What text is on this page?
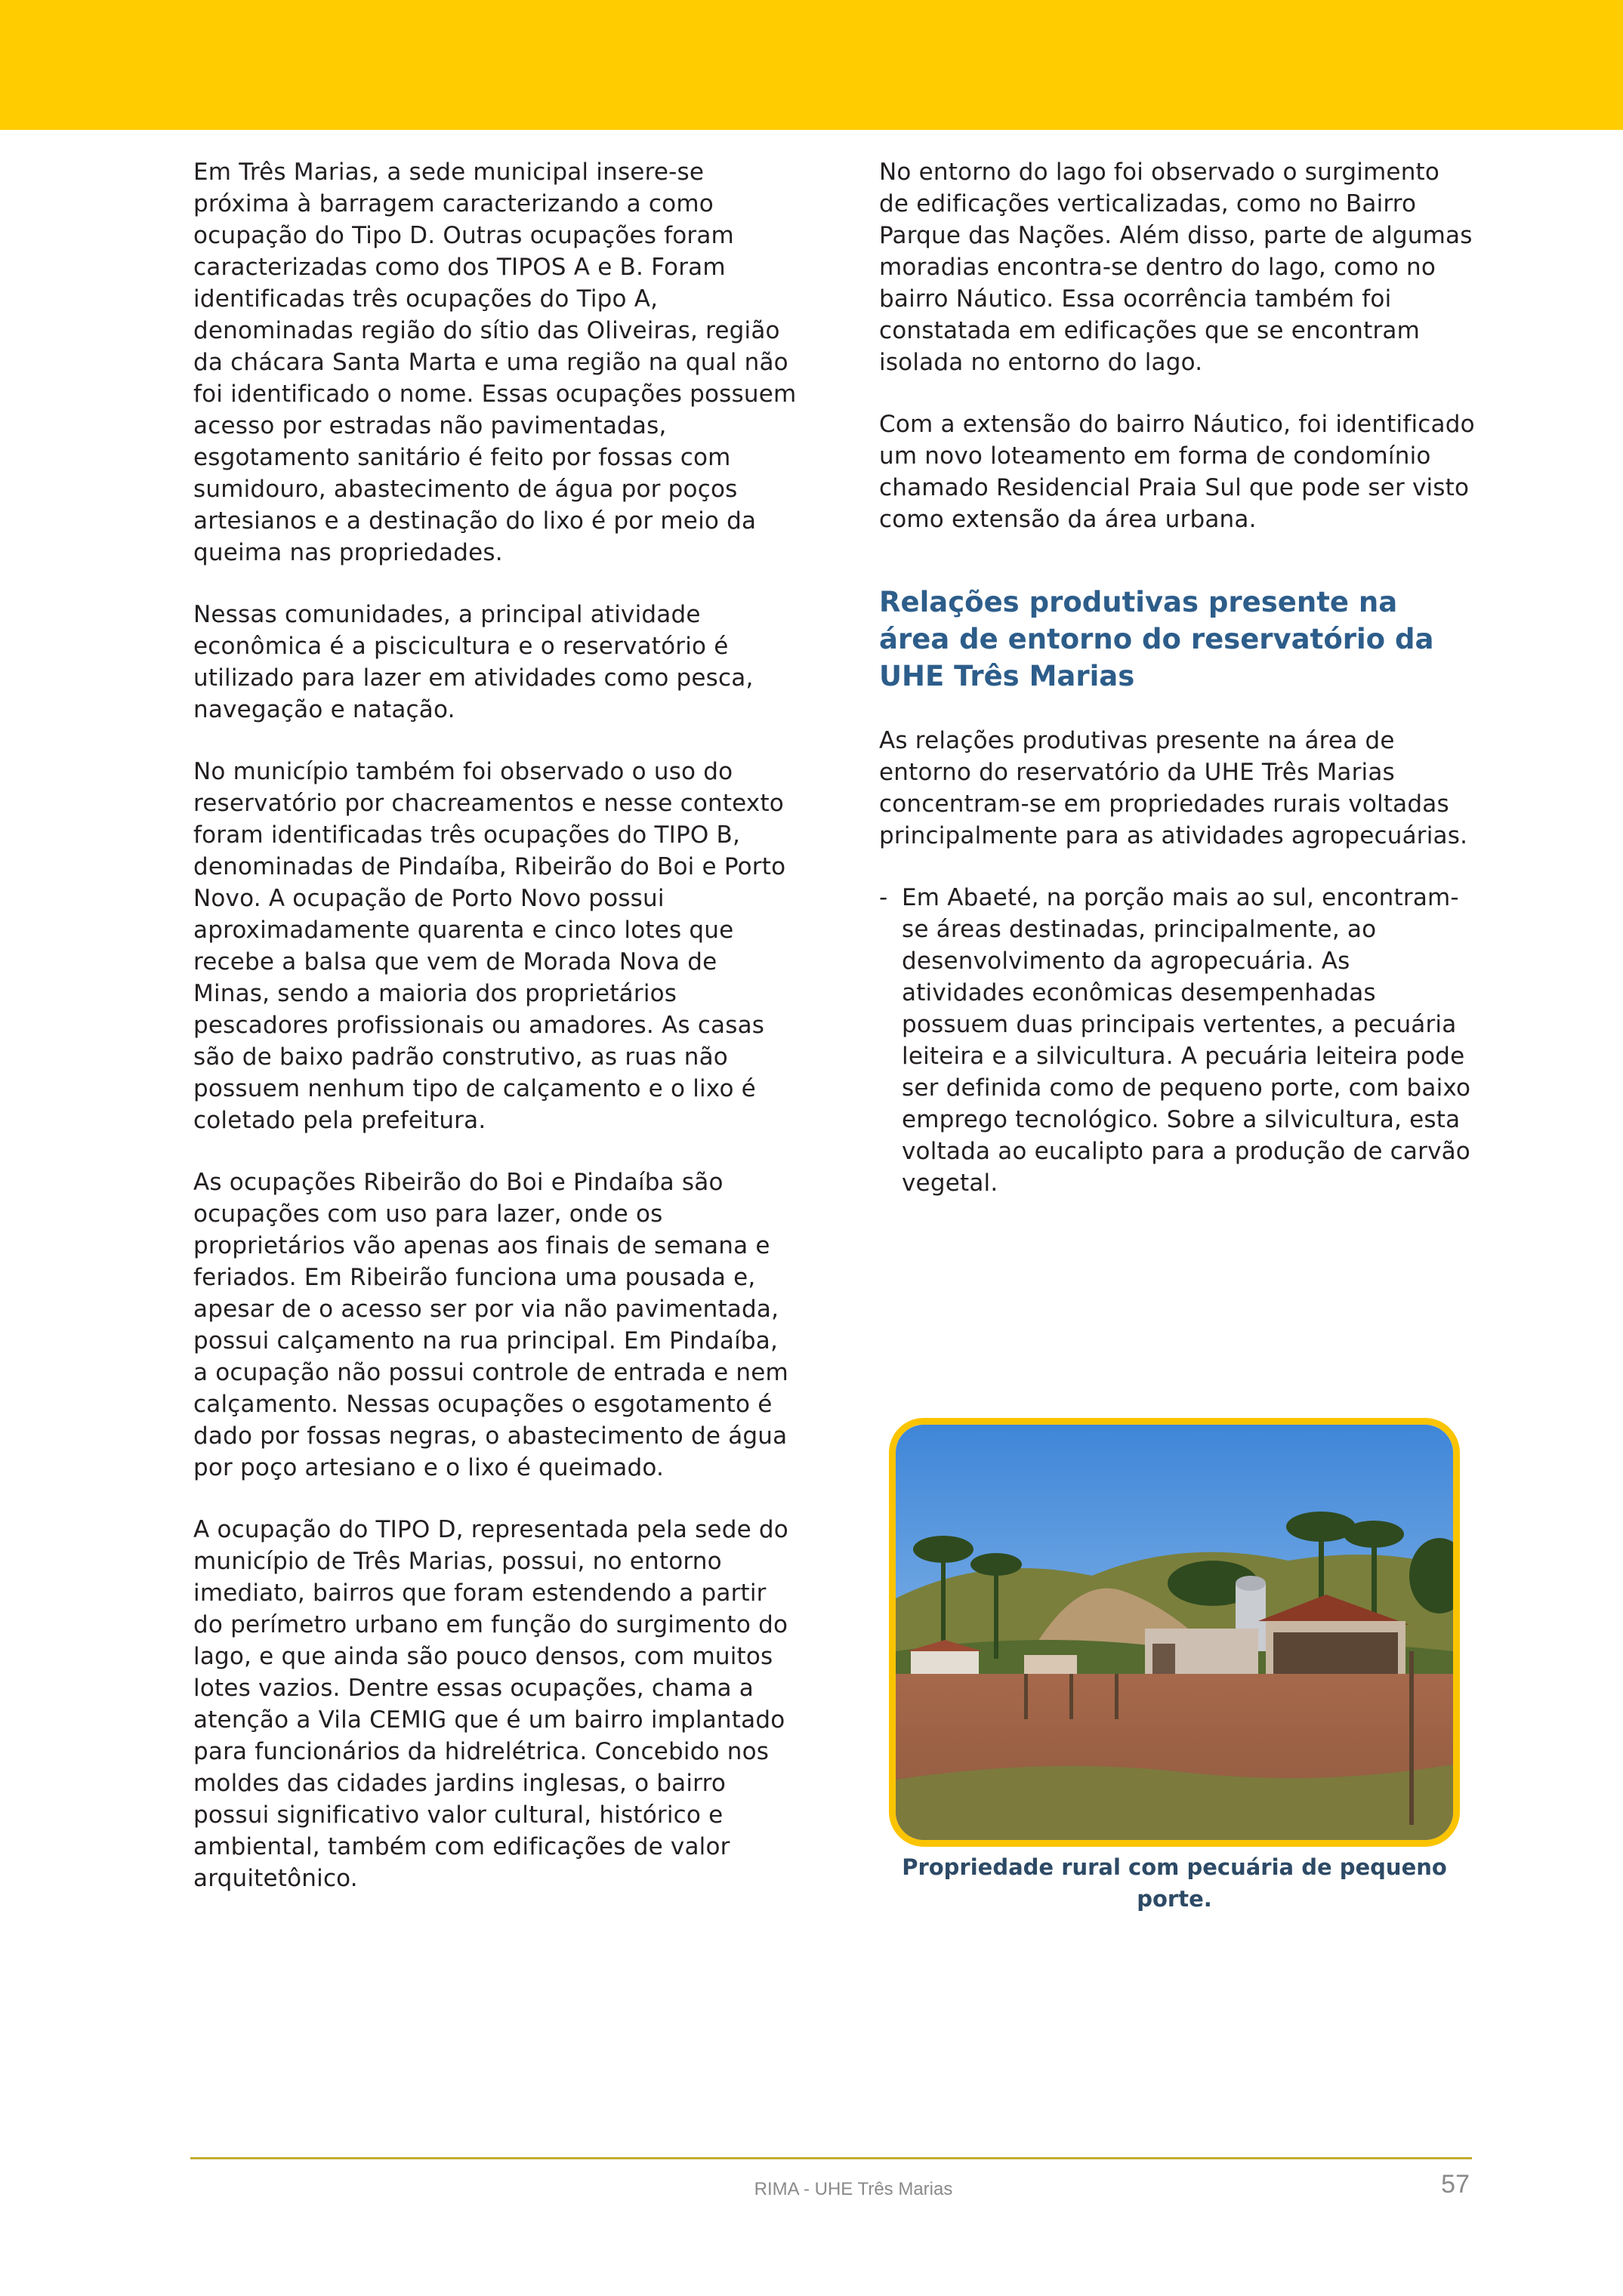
Em Três Marias, a sede municipal insere-se próxima à barragem caracterizando a como ocupação do Tipo D. Outras ocupações foram caracterizadas como dos TIPOS A e B. Foram identificadas três ocupações do Tipo A, denominadas região do sítio das Oliveiras, região da chácara Santa Marta e uma região na qual não foi identificado o nome. Essas ocupações possuem acesso por estradas não pavimentadas, esgotamento sanitário é feito por fossas com sumidouro, abastecimento de água por poços artesianos e a destinação do lixo é por meio da queima nas propriedades.

Nessas comunidades, a principal atividade econômica é a piscicultura e o reservatório é utilizado para lazer em atividades como pesca, navegação e natação.

No município também foi observado o uso do reservatório por chacreamentos e nesse contexto foram identificadas três ocupações do TIPO B, denominadas de Pindaíba, Ribeirão do Boi e Porto Novo. A ocupação de Porto Novo possui aproximadamente quarenta e cinco lotes que recebe a balsa que vem de Morada Nova de Minas, sendo a maioria dos proprietários pescadores profissionais ou amadores. As casas são de baixo padrão construtivo, as ruas não possuem nenhum tipo de calçamento e o lixo é coletado pela prefeitura.

As ocupações Ribeirão do Boi e Pindaíba são ocupações com uso para lazer, onde os proprietários vão apenas aos finais de semana e feriados. Em Ribeirão funciona uma pousada e, apesar de o acesso ser por via não pavimentada, possui calçamento na rua principal. Em Pindaíba, a ocupação não possui controle de entrada e nem calçamento. Nessas ocupações o esgotamento é dado por fossas negras, o abastecimento de água por poço artesiano e o lixo é queimado.

A ocupação do TIPO D, representada pela sede do município de Três Marias, possui, no entorno imediato, bairros que foram estendendo a partir do perímetro urbano em função do surgimento do lago, e que ainda são pouco densos, com muitos lotes vazios. Dentre essas ocupações, chama a atenção a Vila CEMIG que é um bairro implantado para funcionários da hidrelétrica. Concebido nos moldes das cidades jardins inglesas, o bairro possui significativo valor cultural, histórico e ambiental, também com edificações de valor arquitetônico.

No entorno do lago foi observado o surgimento de edificações verticalizadas, como no Bairro Parque das Nações. Além disso, parte de algumas moradias encontra-se dentro do lago, como no bairro Náutico. Essa ocorrência também foi constatada em edificações que se encontram isolada no entorno do lago.

Com a extensão do bairro Náutico, foi identificado um novo loteamento em forma de condomínio chamado Residencial Praia Sul que pode ser visto como extensão da área urbana.

Relações produtivas presente na área de entorno do reservatório da UHE Três Marias

As relações produtivas presente na área de entorno do reservatório da UHE Três Marias concentram-se em propriedades rurais voltadas principalmente para as atividades agropecuárias.

- Em Abaeté, na porção mais ao sul, encontram-se áreas destinadas, principalmente, ao desenvolvimento da agropecuária. As atividades econômicas desempenhadas possuem duas principais vertentes, a pecuária leiteira e a silvicultura. A pecuária leiteira pode ser definida como de pequeno porte, com baixo emprego tecnológico. Sobre a silvicultura, esta voltada ao eucalipto para a produção de carvão vegetal.

Propriedade rural com pecuária de pequeno porte.
RIMA - UHE Três Marias	57
